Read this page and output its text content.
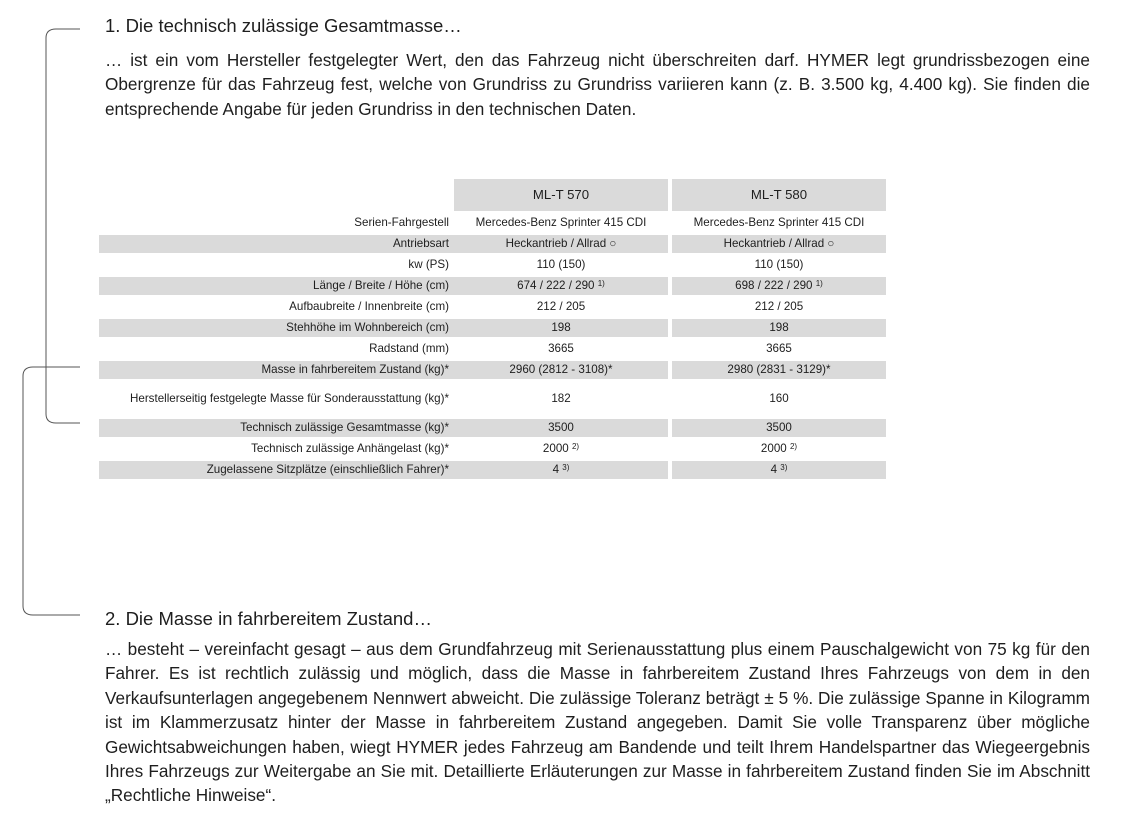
1. Die technisch zulässige Gesamtmasse…

… ist ein vom Hersteller festgelegter Wert, den das Fahrzeug nicht überschreiten darf. HYMER legt grundrissbezogen eine Obergrenze für das Fahrzeug fest, welche von Grundriss zu Grundriss variieren kann (z. B. 3.500 kg, 4.400 kg). Sie finden die entsprechende Angabe für jeden Grundriss in den technischen Daten.

	ML-T 570		ML-T 580
Serien-Fahrgestell	Mercedes-Benz Sprinter 415 CDI		Mercedes-Benz Sprinter 415 CDI
Antriebsart	Heckantrieb / Allrad ○		Heckantrieb / Allrad ○
kw (PS)	110 (150)		110 (150)
Länge / Breite / Höhe (cm)	674 / 222 / 290 $^{1)}$		698 / 222 / 290 $^{1)}$
Aufbaubreite / Innenbreite (cm)	212 / 205		212 / 205
Stehhöhe im Wohnbereich (cm)	198		198
Radstand (mm)	3665		3665
Masse in fahrbereitem Zustand (kg)*	2960 (2812 - 3108)*		2980 (2831 - 3129)*
Herstellerseitig festgelegte Masse für Sonderausstattung (kg)*	182		160
Technisch zulässige Gesamtmasse (kg)*	3500		3500
Technisch zulässige Anhängelast (kg)*	2000 $^{2)}$		2000 $^{2)}$
Zugelassene Sitzplätze (einschließlich Fahrer)*	4 $^{3)}$		4 $^{3)}$
2. Die Masse in fahrbereitem Zustand…

… besteht – vereinfacht gesagt – aus dem Grundfahrzeug mit Serienausstattung plus einem Pauschalgewicht von 75 kg für den Fahrer. Es ist rechtlich zulässig und möglich, dass die Masse in fahrbereitem Zustand Ihres Fahrzeugs von dem in den Verkaufsunterlagen angegebenem Nennwert abweicht. Die zulässige Toleranz beträgt ± 5 %. Die zulässige Spanne in Kilogramm ist im Klammerzusatz hinter der Masse in fahrbereitem Zustand angegeben. Damit Sie volle Transparenz über mögliche Gewichtsabweichungen haben, wiegt HYMER jedes Fahrzeug am Bandende und teilt Ihrem Handelspartner das Wiegeergebnis Ihres Fahrzeugs zur Weitergabe an Sie mit. Detaillierte Erläuterungen zur Masse in fahrbereitem Zustand finden Sie im Abschnitt „Rechtliche Hinweise“.
